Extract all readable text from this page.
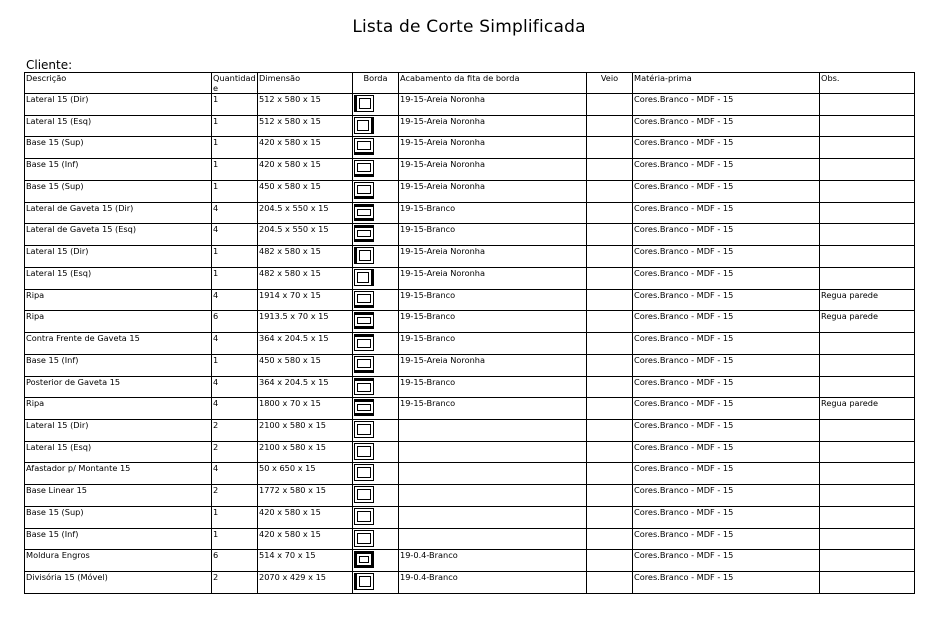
Lista de Corte Simplificada
Cliente:
Descrição	Quantidade	Dimensão	Borda	Acabamento da fita de borda	Veio	Matéria-prima	Obs.
Lateral 15 (Dir)	1	512 x 580 x 15		19-15-Areia Noronha		Cores.Branco - MDF - 15	
Lateral 15 (Esq)	1	512 x 580 x 15		19-15-Areia Noronha		Cores.Branco - MDF - 15	
Base 15 (Sup)	1	420 x 580 x 15		19-15-Areia Noronha		Cores.Branco - MDF - 15	
Base 15 (Inf)	1	420 x 580 x 15		19-15-Areia Noronha		Cores.Branco - MDF - 15	
Base 15 (Sup)	1	450 x 580 x 15		19-15-Areia Noronha		Cores.Branco - MDF - 15	
Lateral de Gaveta 15 (Dir)	4	204.5 x 550 x 15		19-15-Branco		Cores.Branco - MDF - 15	
Lateral de Gaveta 15 (Esq)	4	204.5 x 550 x 15		19-15-Branco		Cores.Branco - MDF - 15	
Lateral 15 (Dir)	1	482 x 580 x 15		19-15-Areia Noronha		Cores.Branco - MDF - 15	
Lateral 15 (Esq)	1	482 x 580 x 15		19-15-Areia Noronha		Cores.Branco - MDF - 15	
Ripa	4	1914 x 70 x 15		19-15-Branco		Cores.Branco - MDF - 15	Regua parede
Ripa	6	1913.5 x 70 x 15		19-15-Branco		Cores.Branco - MDF - 15	Regua parede
Contra Frente de Gaveta 15	4	364 x 204.5 x 15		19-15-Branco		Cores.Branco - MDF - 15	
Base 15 (Inf)	1	450 x 580 x 15		19-15-Areia Noronha		Cores.Branco - MDF - 15	
Posterior de Gaveta 15	4	364 x 204.5 x 15		19-15-Branco		Cores.Branco - MDF - 15	
Ripa	4	1800 x 70 x 15		19-15-Branco		Cores.Branco - MDF - 15	Regua parede
Lateral 15 (Dir)	2	2100 x 580 x 15				Cores.Branco - MDF - 15	
Lateral 15 (Esq)	2	2100 x 580 x 15				Cores.Branco - MDF - 15	
Afastador p/ Montante 15	4	50 x 650 x 15				Cores.Branco - MDF - 15	
Base Linear 15	2	1772 x 580 x 15				Cores.Branco - MDF - 15	
Base 15 (Sup)	1	420 x 580 x 15				Cores.Branco - MDF - 15	
Base 15 (Inf)	1	420 x 580 x 15				Cores.Branco - MDF - 15	
Moldura Engros	6	514 x 70 x 15		19-0.4-Branco		Cores.Branco - MDF - 15	
Divisória 15 (Móvel)	2	2070 x 429 x 15		19-0.4-Branco		Cores.Branco - MDF - 15	
